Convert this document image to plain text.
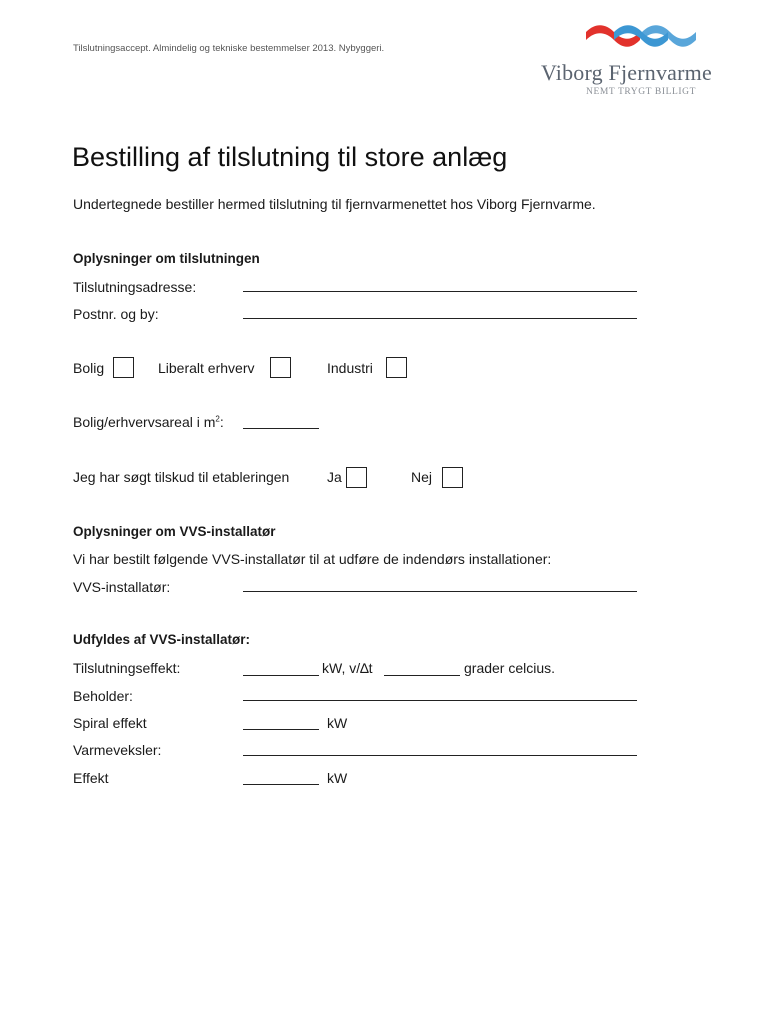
Tilslutningsaccept. Almindelig og tekniske bestemmelser 2013. Nybyggeri.
Viborg Fjernvarme
NEMT TRYGT BILLIGT
Bestilling af tilslutning til store anlæg
Undertegnede bestiller hermed tilslutning til fjernvarmenettet hos Viborg Fjernvarme.
Oplysninger om tilslutningen
Tilslutningsadresse:
Postnr. og by:
Bolig	Liberalt erhverv	Industri
Bolig/erhvervsareal i $m^2$:
Jeg har søgt tilskud til etableringen	Ja	Nej
Oplysninger om VVS-installatør
Vi har bestilt følgende VVS-installatør til at udføre de indendørs installationer:
VVS-installatør:
Udfyldes af VVS-installatør:
Tilslutningseffekt:	kW, v/∆t	grader celcius.
Beholder:
Spiral effekt	kW
Varmeveksler:
Effekt	kW
